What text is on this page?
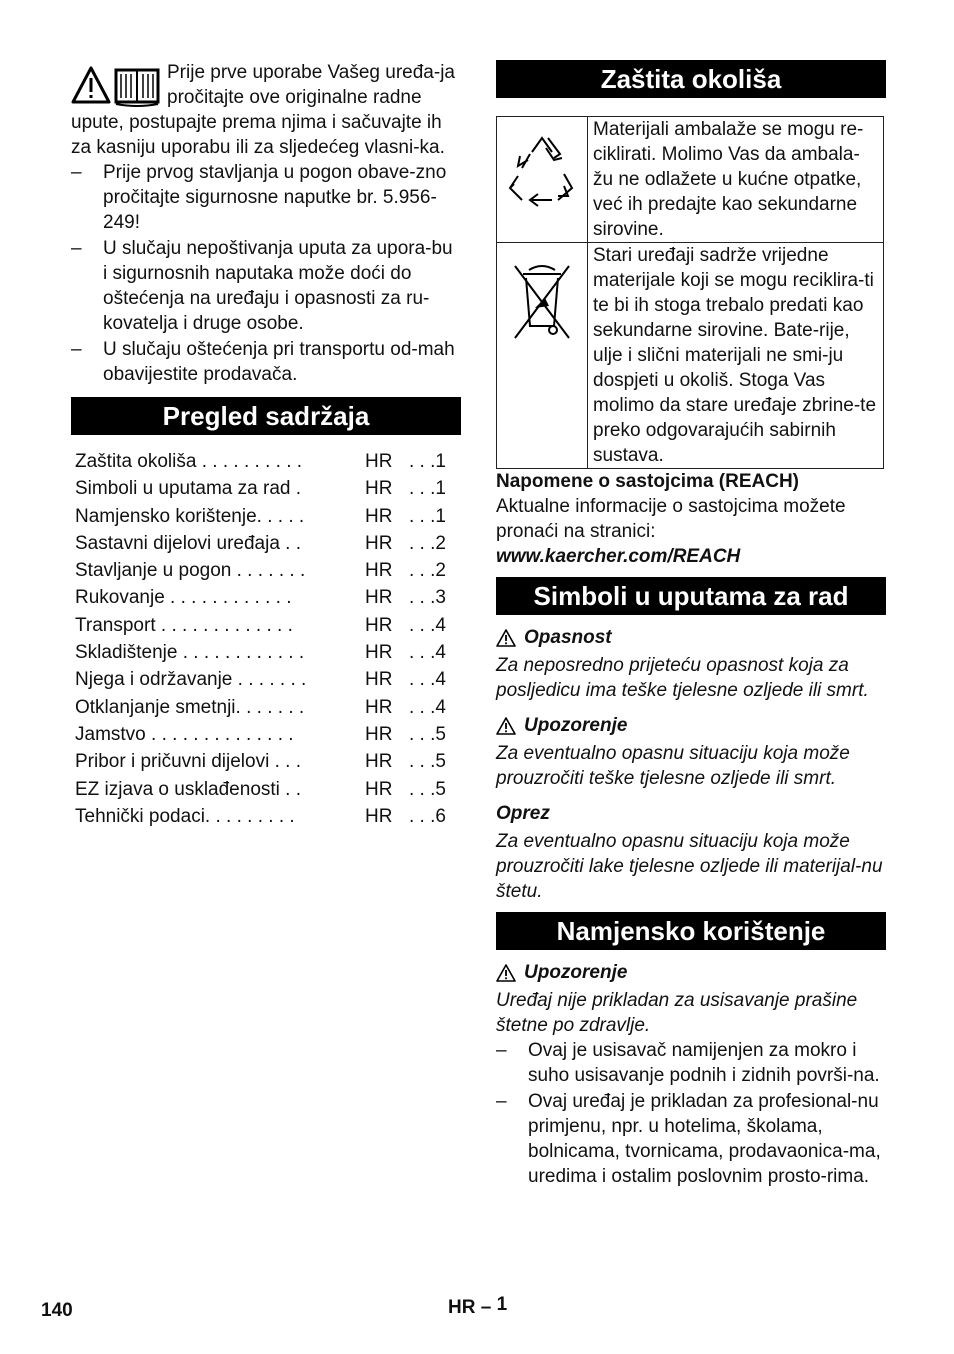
Prije prve uporabe Vašeg uređa-ja pročitajte ove originalne radne upute, postupajte prema njima i sačuvajte ih za kasniju uporabu ili za sljedećeg vlasni-ka.

– Prije prvog stavljanja u pogon obave-zno pročitajte sigurnosne naputke br. 5.956-249!
– U slučaju nepoštivanja uputa za upora-bu i sigurnosnih naputaka može doći do oštećenja na uređaju i opasnosti za ru-kovatelja i druge osobe.
– U slučaju oštećenja pri transportu od-mah obavijestite prodavača.
Pregled sadržaja
Zaštita okoliša . . . . . . . . . .	HR	. . .1
Simboli u uputama za rad .	HR	. . .1
Namjensko korištenje. . . . .	HR	. . .1
Sastavni dijelovi uređaja . .	HR	. . .2
Stavljanje u pogon . . . . . . .	HR	. . .2
Rukovanje . . . . . . . . . . . .	HR	. . .3
Transport . . . . . . . . . . . . .	HR	. . .4
Skladištenje . . . . . . . . . . . .	HR	. . .4
Njega i održavanje . . . . . . .	HR	. . .4
Otklanjanje smetnji. . . . . . .	HR	. . .4
Jamstvo . . . . . . . . . . . . . .	HR	. . .5
Pribor i pričuvni dijelovi . . .	HR	. . .5
EZ izjava o usklađenosti . .	HR	. . .5
Tehnički podaci. . . . . . . . .	HR	. . .6
Zaštita okoliša
	Materijali ambalaže se mogu re-ciklirati. Molimo Vas da ambala-žu ne odlažete u kućne otpatke, već ih predajte kao sekundarne sirovine.
	Stari uređaji sadrže vrijedne materijale koji se mogu reciklira-ti te bi ih stoga trebalo predati kao sekundarne sirovine. Bate-rije, ulje i slični materijali ne smi-ju dospjeti u okoliš. Stoga Vas molimo da stare uređaje zbrine-te preko odgovarajućih sabirnih sustava.
Napomene o sastojcima (REACH)
Aktualne informacije o sastojcima možete pronaći na stranici:
www.kaercher.com/REACH
Simboli u uputama za rad
Opasnost

Za neposredno prijeteću opasnost koja za posljedicu ima teške tjelesne ozljede ili smrt.

Upozorenje

Za eventualno opasnu situaciju koja može prouzročiti teške tjelesne ozljede ili smrt.

Oprez

Za eventualno opasnu situaciju koja može prouzročiti lake tjelesne ozljede ili materijal-nu štetu.

Namjensko korištenje
Upozorenje

Uređaj nije prikladan za usisavanje prašine štetne po zdravlje.

– Ovaj je usisavač namijenjen za mokro i suho usisavanje podnih i zidnih površi-na.
– Ovaj uređaj je prikladan za profesional-nu primjenu, npr. u hotelima, školama, bolnicama, tvornicama, prodavaonica-ma, uredima i ostalim poslovnim prosto-rima.
140	HR – 1
